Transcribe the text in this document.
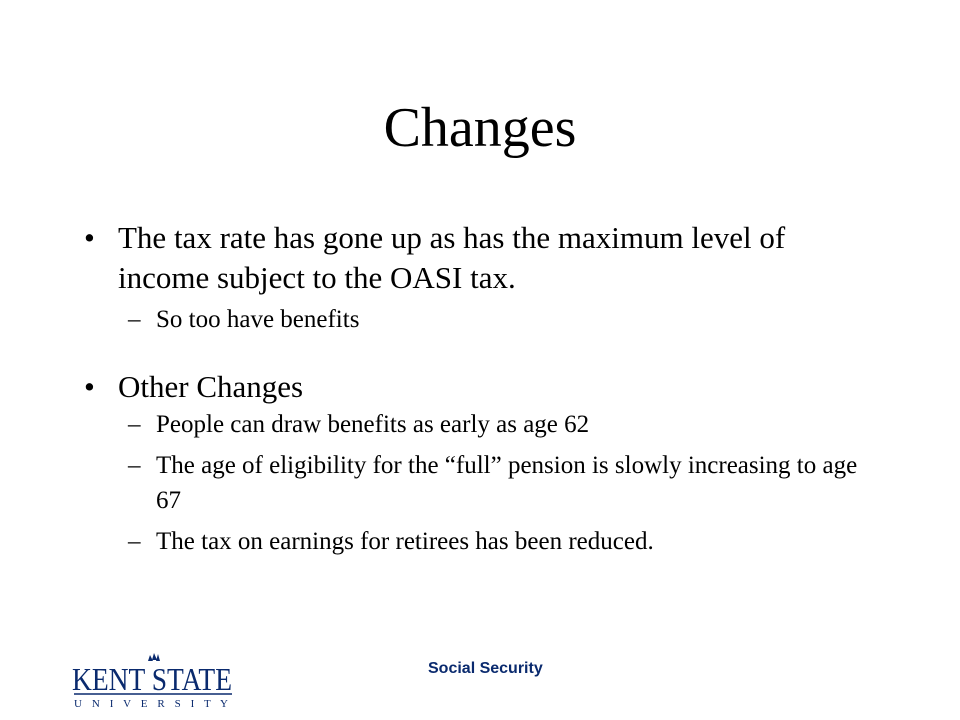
Changes
• The tax rate has gone up as has the maximum level of income subject to the OASI tax.
– So too have benefits
• Other Changes
– People can draw benefits as early as age 62
– The age of eligibility for the “full” pension is slowly increasing to age 67
– The tax on earnings for retirees has been reduced.
KENT STATE
U N I V E R S I T Y
Social Security
